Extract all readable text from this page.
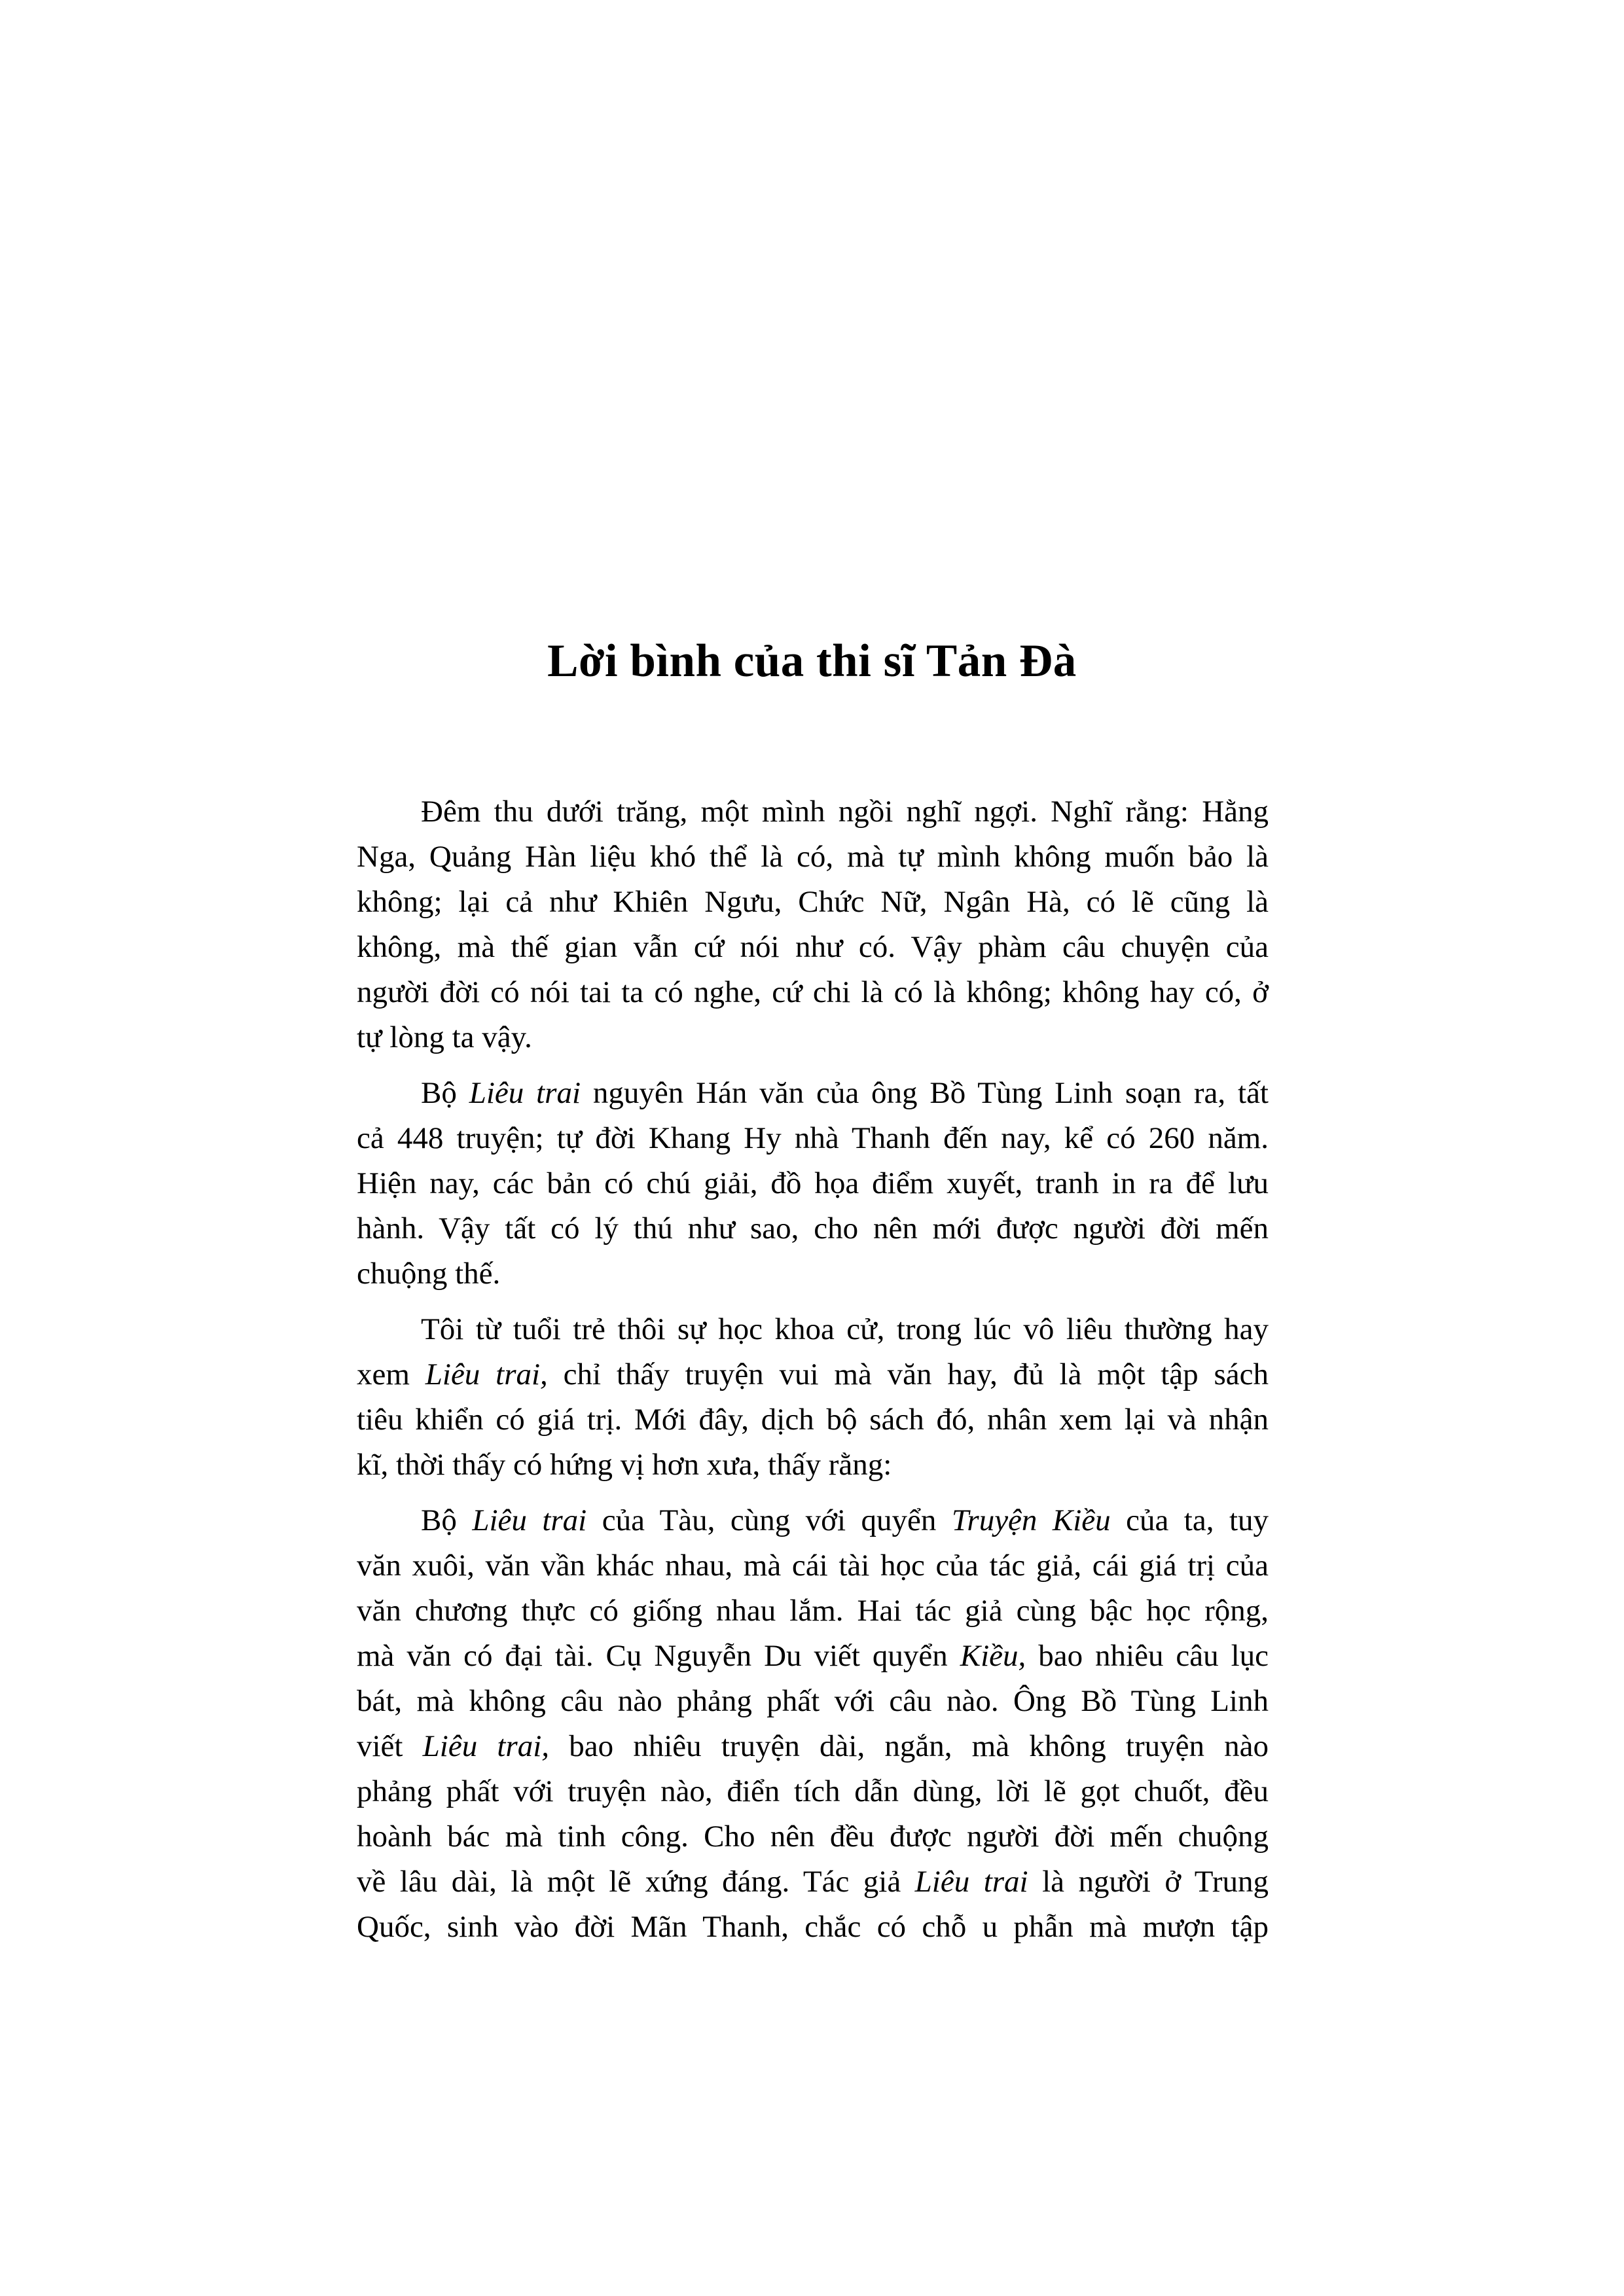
Lời bình của thi sĩ Tản Đà
Đêm thu dưới trăng, một mình ngồi nghĩ ngợi. Nghĩ rằng: Hằng
Nga, Quảng Hàn liệu khó thể là có, mà tự mình không muốn bảo là
không; lại cả như Khiên Ngưu, Chức Nữ, Ngân Hà, có lẽ cũng là
không, mà thế gian vẫn cứ nói như có. Vậy phàm câu chuyện của
người đời có nói tai ta có nghe, cứ chi là có là không; không hay có, ở
tự lòng ta vậy.
Bộ Liêu trai nguyên Hán văn của ông Bồ Tùng Linh soạn ra, tất
cả 448 truyện; tự đời Khang Hy nhà Thanh đến nay, kể có 260 năm.
Hiện nay, các bản có chú giải, đồ họa điểm xuyết, tranh in ra để lưu
hành. Vậy tất có lý thú như sao, cho nên mới được người đời mến
chuộng thế.
Tôi từ tuổi trẻ thôi sự học khoa cử, trong lúc vô liêu thường hay
xem Liêu trai, chỉ thấy truyện vui mà văn hay, đủ là một tập sách
tiêu khiển có giá trị. Mới đây, dịch bộ sách đó, nhân xem lại và nhận
kĩ, thời thấy có hứng vị hơn xưa, thấy rằng:
Bộ Liêu trai của Tàu, cùng với quyển Truyện Kiều của ta, tuy
văn xuôi, văn vần khác nhau, mà cái tài học của tác giả, cái giá trị của
văn chương thực có giống nhau lắm. Hai tác giả cùng bậc học rộng,
mà văn có đại tài. Cụ Nguyễn Du viết quyển Kiều, bao nhiêu câu lục
bát, mà không câu nào phảng phất với câu nào. Ông Bồ Tùng Linh
viết Liêu trai, bao nhiêu truyện dài, ngắn, mà không truyện nào
phảng phất với truyện nào, điển tích dẫn dùng, lời lẽ gọt chuốt, đều
hoành bác mà tinh công. Cho nên đều được người đời mến chuộng
về lâu dài, là một lẽ xứng đáng. Tác giả Liêu trai là người ở Trung
Quốc, sinh vào đời Mãn Thanh, chắc có chỗ u phẫn mà mượn tập
